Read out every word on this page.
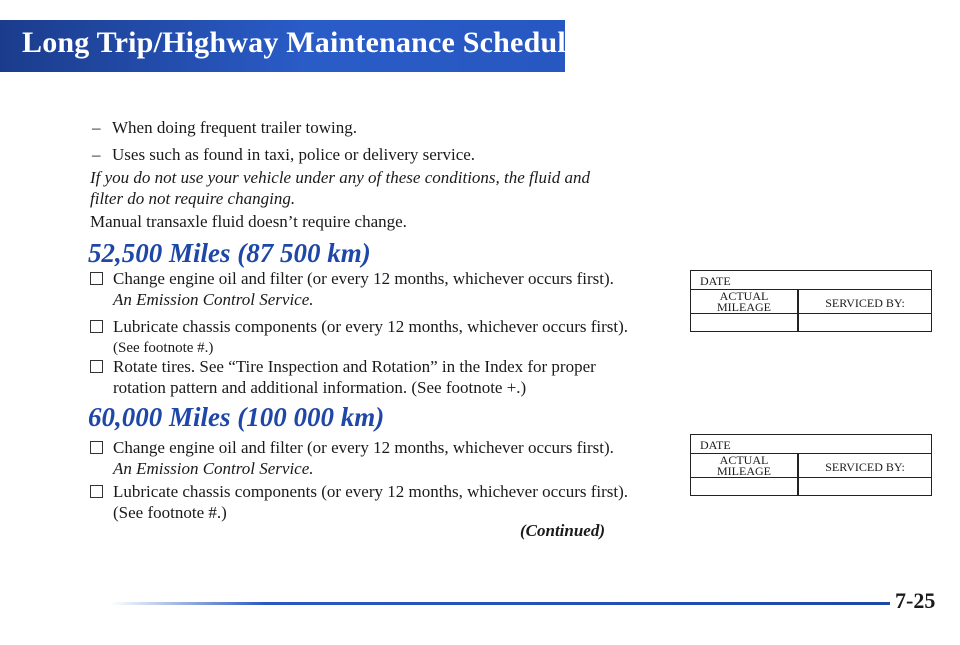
Long Trip/Highway Maintenance Schedule
– When doing frequent trailer towing.
– Uses such as found in taxi, police or delivery service.
If you do not use your vehicle under any of these conditions, the fluid and
filter do not require changing.
Manual transaxle fluid doesn’t require change.
52,500 Miles (87 500 km)
Change engine oil and filter (or every 12 months, whichever occurs first).
An Emission Control Service.
Lubricate chassis components (or every 12 months, whichever occurs first).
(See footnote #.)
Rotate tires. See “Tire Inspection and Rotation” in the Index for proper
rotation pattern and additional information. (See footnote +.)
60,000 Miles (100 000 km)
Change engine oil and filter (or every 12 months, whichever occurs first).
An Emission Control Service.
Lubricate chassis components (or every 12 months, whichever occurs first).
(See footnote #.)
DATE
ACTUAL
MILEAGE	SERVICED BY:
DATE
ACTUAL
MILEAGE	SERVICED BY:
(Continued)
7-25
